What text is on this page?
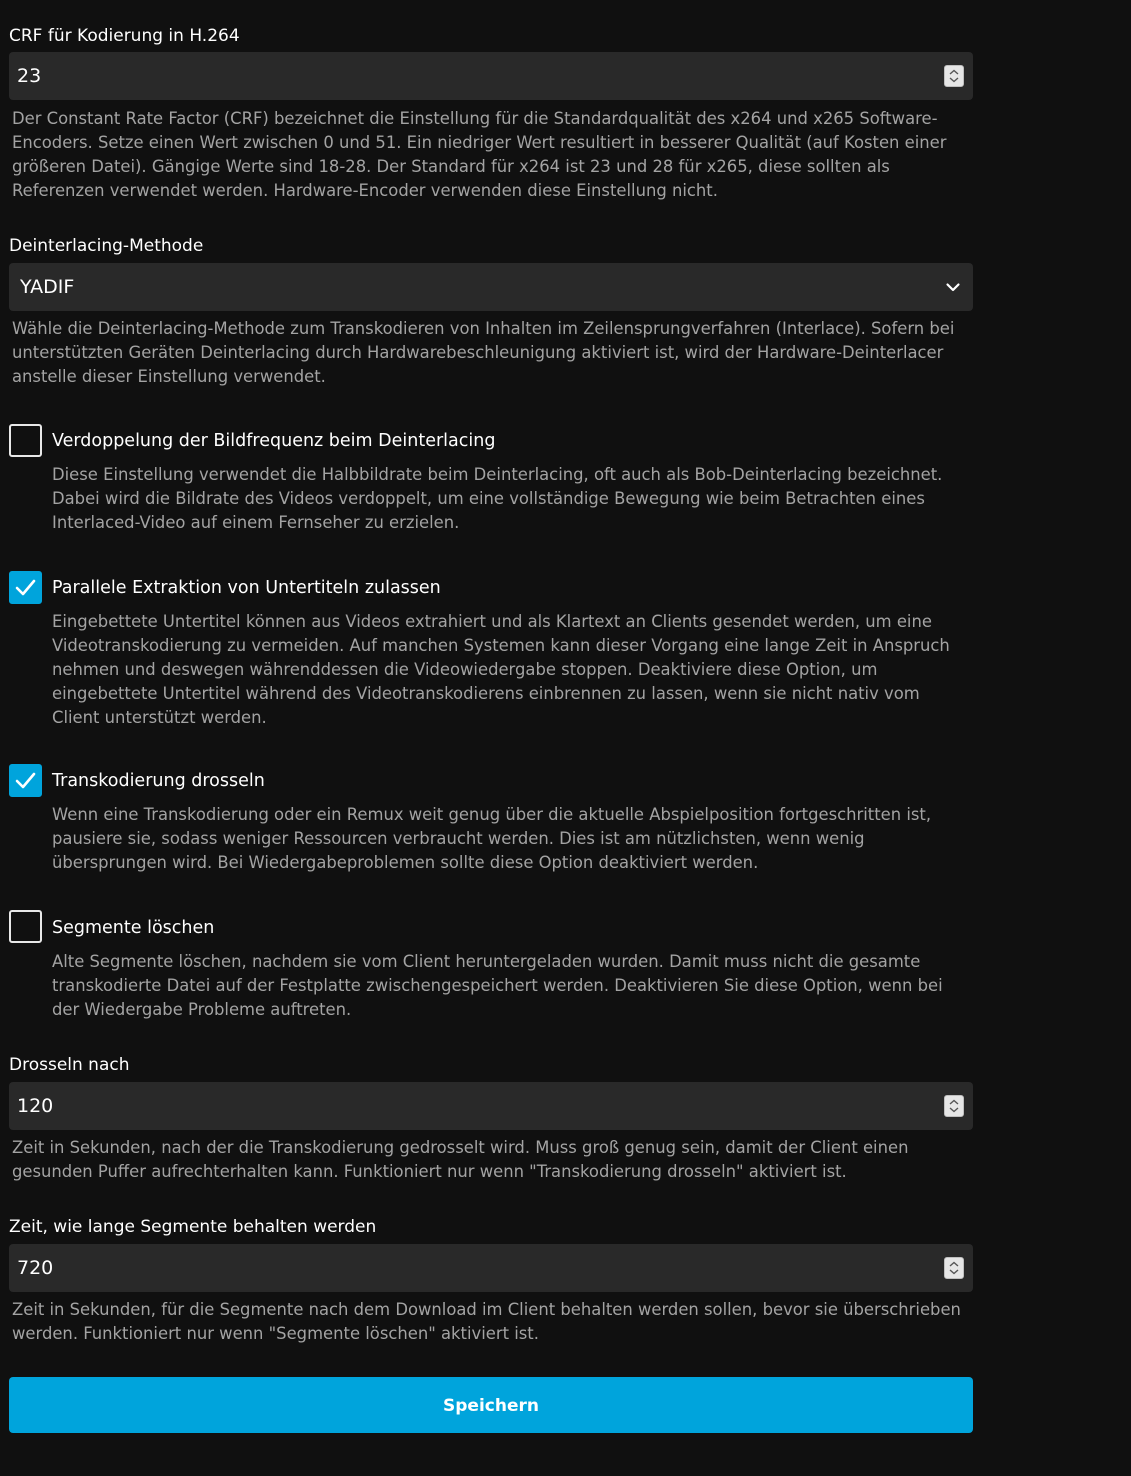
CRF für Kodierung in H.264
23

Der Constant Rate Factor (CRF) bezeichnet die Einstellung für die Standardqualität des x264 und x265 Software-Encoders. Setze einen Wert zwischen 0 und 51. Ein niedriger Wert resultiert in besserer Qualität (auf Kosten einer größeren Datei). Gängige Werte sind 18-28. Der Standard für x264 ist 23 und 28 für x265, diese sollten als Referenzen verwendet werden. Hardware-Encoder verwenden diese Einstellung nicht.

Deinterlacing-Methode
YADIF

Wähle die Deinterlacing-Methode zum Transkodieren von Inhalten im Zeilensprungverfahren (Interlace). Sofern bei unterstützten Geräten Deinterlacing durch Hardwarebeschleunigung aktiviert ist, wird der Hardware-Deinterlacer anstelle dieser Einstellung verwendet.

Verdoppelung der Bildfrequenz beim Deinterlacing

Diese Einstellung verwendet die Halbbildrate beim Deinterlacing, oft auch als Bob-Deinterlacing bezeichnet. Dabei wird die Bildrate des Videos verdoppelt, um eine vollständige Bewegung wie beim Betrachten eines Interlaced-Video auf einem Fernseher zu erzielen.

Parallele Extraktion von Untertiteln zulassen

Eingebettete Untertitel können aus Videos extrahiert und als Klartext an Clients gesendet werden, um eine Videotranskodierung zu vermeiden. Auf manchen Systemen kann dieser Vorgang eine lange Zeit in Anspruch nehmen und deswegen währenddessen die Videowiedergabe stoppen. Deaktiviere diese Option, um eingebettete Untertitel während des Videotranskodierens einbrennen zu lassen, wenn sie nicht nativ vom Client unterstützt werden.

Transkodierung drosseln

Wenn eine Transkodierung oder ein Remux weit genug über die aktuelle Abspielposition fortgeschritten ist, pausiere sie, sodass weniger Ressourcen verbraucht werden. Dies ist am nützlichsten, wenn wenig übersprungen wird. Bei Wiedergabeproblemen sollte diese Option deaktiviert werden.

Segmente löschen

Alte Segmente löschen, nachdem sie vom Client heruntergeladen wurden. Damit muss nicht die gesamte transkodierte Datei auf der Festplatte zwischengespeichert werden. Deaktivieren Sie diese Option, wenn bei der Wiedergabe Probleme auftreten.

Drosseln nach
120

Zeit in Sekunden, nach der die Transkodierung gedrosselt wird. Muss groß genug sein, damit der Client einen gesunden Puffer aufrechterhalten kann. Funktioniert nur wenn "Transkodierung drosseln" aktiviert ist.

Zeit, wie lange Segmente behalten werden
720

Zeit in Sekunden, für die Segmente nach dem Download im Client behalten werden sollen, bevor sie überschrieben werden. Funktioniert nur wenn "Segmente löschen" aktiviert ist.

Speichern
